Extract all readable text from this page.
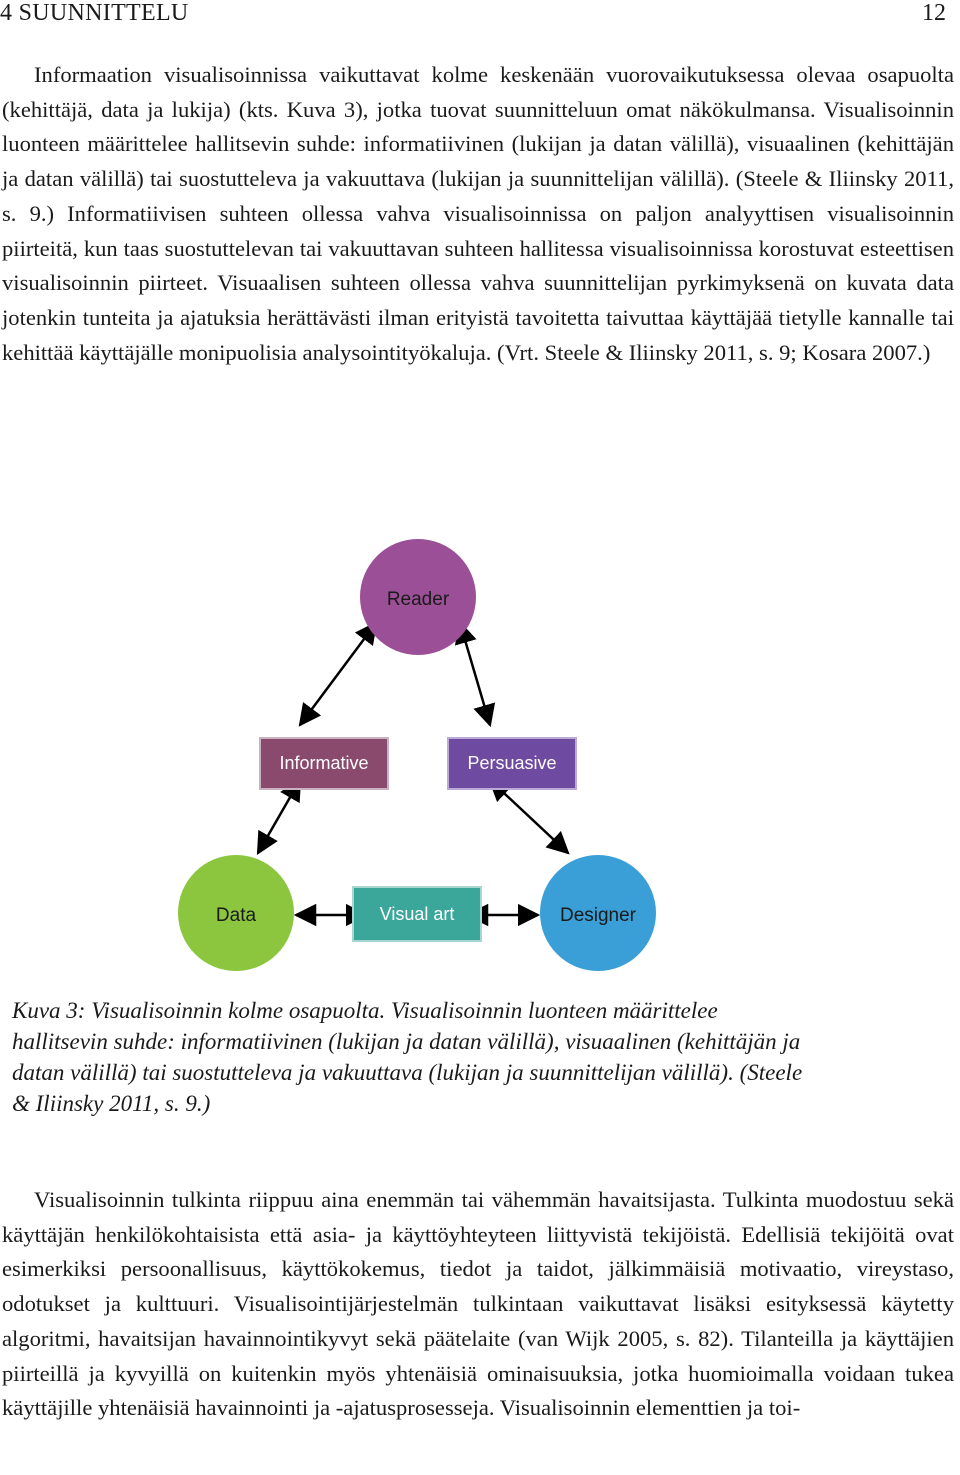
4 SUUNNITTELU	12

Informaation visualisoinnissa vaikuttavat kolme keskenään vuorovaikutuksessa olevaa osapuolta (kehittäjä, data ja lukija) (kts. Kuva 3), jotka tuovat suunnitteluun omat näkökulmansa. Visualisoinnin luonteen määrittelee hallitsevin suhde: informatiivinen (lukijan ja datan välillä), visuaalinen (kehittäjän ja datan välillä) tai suostutteleva ja vakuuttava (lukijan ja suunnittelijan välillä). (Steele & Iliinsky 2011, s. 9.) Informatiivisen suhteen ollessa vahva visualisoinnissa on paljon analyyttisen visualisoinnin piirteitä, kun taas suostuttelevan tai vakuuttavan suhteen hallitessa visualisoinnissa korostuvat esteettisen visualisoinnin piirteet. Visuaalisen suhteen ollessa vahva suunnittelijan pyrkimyksenä on kuvata data jotenkin tunteita ja ajatuksia herättävästi ilman erityistä tavoitetta taivuttaa käyttäjää tietylle kannalle tai kehittää käyttäjälle monipuolisia analysointityökaluja. (Vrt. Steele & Iliinsky 2011, s. 9; Kosara 2007.)

Reader
Informative	Persuasive
Data	Visual art	Designer

Kuva 3: Visualisoinnin kolme osapuolta. Visualisoinnin luonteen määrittelee hallitsevin suhde: informatiivinen (lukijan ja datan välillä), visuaalinen (kehittäjän ja datan välillä) tai suostutteleva ja vakuuttava (lukijan ja suunnittelijan välillä). (Steele & Iliinsky 2011, s. 9.)

Visualisoinnin tulkinta riippuu aina enemmän tai vähemmän havaitsijasta. Tulkinta muodostuu sekä käyttäjän henkilökohtaisista että asia- ja käyttöyhteyteen liittyvistä tekijöistä. Edellisiä tekijöitä ovat esimerkiksi persoonallisuus, käyttökokemus, tiedot ja taidot, jälkimmäisiä motivaatio, vireystaso, odotukset ja kulttuuri. Visualisointijärjestelmän tulkintaan vaikuttavat lisäksi esityksessä käytetty algoritmi, havaitsijan havainnointikyvyt sekä päätelaite (van Wijk 2005, s. 82). Tilanteilla ja käyttäjien piirteillä ja kyvyillä on kuitenkin myös yhtenäisiä ominaisuuksia, jotka huomioimalla voidaan tukea käyttäjille yhtenäisiä havainnointi ja -ajatusprosesseja. Visualisoinnin elementtien ja toi-
